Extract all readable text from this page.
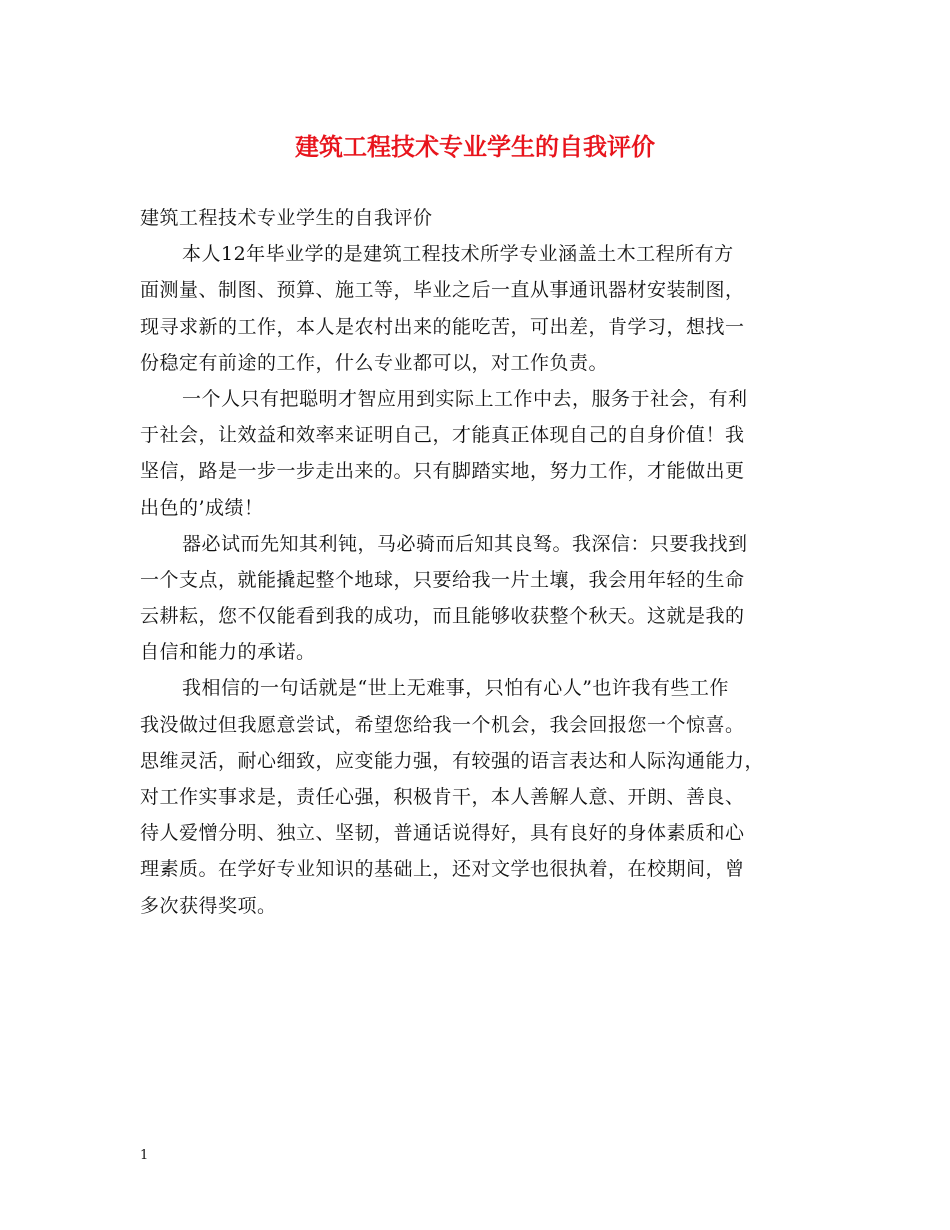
建筑工程技术专业学生的自我评价
建筑工程技术专业学生的自我评价
本人12年毕业学的是建筑工程技术所学专业涵盖土木工程所有方
面测量、制图、预算、施工等，毕业之后一直从事通讯器材安装制图，
现寻求新的工作，本人是农村出来的能吃苦，可出差，肯学习，想找一
份稳定有前途的工作，什么专业都可以，对工作负责。
一个人只有把聪明才智应用到实际上工作中去，服务于社会，有利
于社会，让效益和效率来证明自己，才能真正体现自己的自身价值！我
坚信，路是一步一步走出来的。只有脚踏实地，努力工作，才能做出更
出色的’成绩！
器必试而先知其利钝，马必骑而后知其良驽。我深信：只要我找到
一个支点，就能撬起整个地球，只要给我一片土壤，我会用年轻的生命
云耕耘，您不仅能看到我的成功，而且能够收获整个秋天。这就是我的
自信和能力的承诺。
我相信的一句话就是“世上无难事，只怕有心人”也许我有些工作
我没做过但我愿意尝试，希望您给我一个机会，我会回报您一个惊喜。
思维灵活，耐心细致，应变能力强，有较强的语言表达和人际沟通能力，
对工作实事求是，责任心强，积极肯干，本人善解人意、开朗、善良、
待人爱憎分明、独立、坚韧，普通话说得好，具有良好的身体素质和心
理素质。在学好专业知识的基础上，还对文学也很执着，在校期间，曾
多次获得奖项。
1
